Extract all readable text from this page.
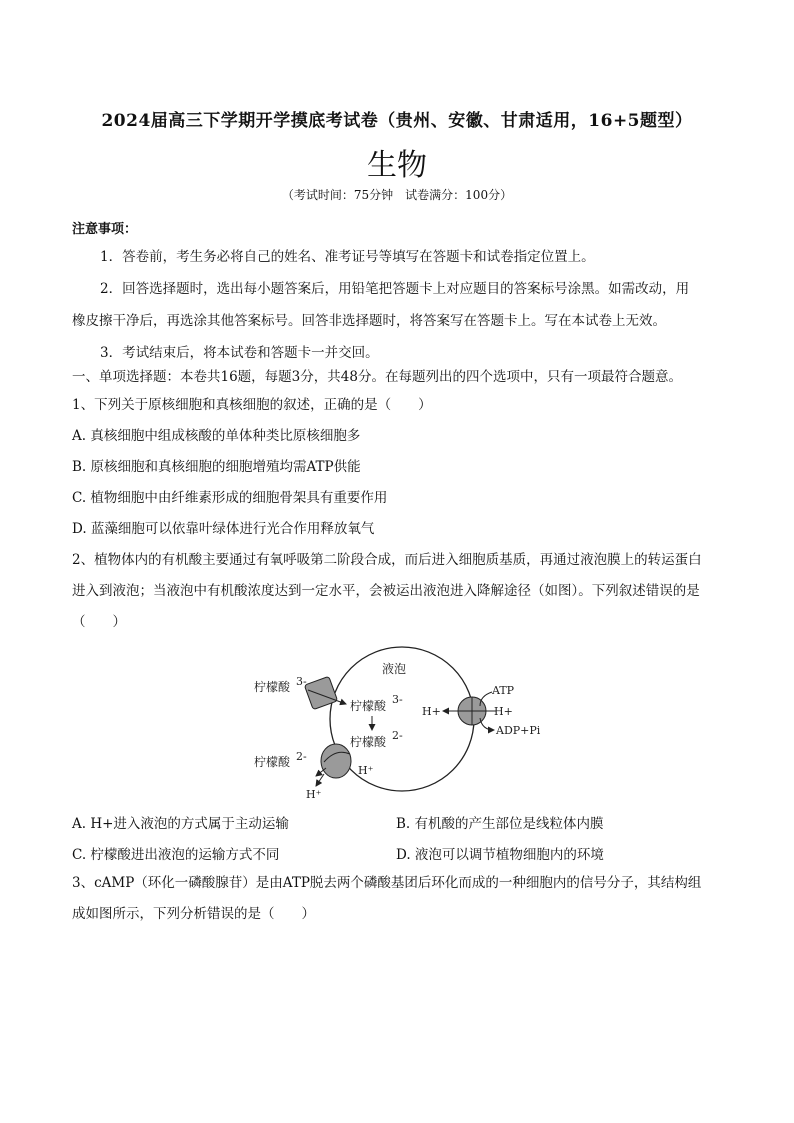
2024届高三下学期开学摸底考试卷（贵州、安徽、甘肃适用，16+5题型）
生物
（考试时间：75分钟　试卷满分：100分）
注意事项：
1．答卷前，考生务必将自己的姓名、准考证号等填写在答题卡和试卷指定位置上。
2．回答选择题时，选出每小题答案后，用铅笔把答题卡上对应题目的答案标号涂黑。如需改动，用
橡皮擦干净后，再选涂其他答案标号。回答非选择题时，将答案写在答题卡上。写在本试卷上无效。
3．考试结束后，将本试卷和答题卡一并交回。
一、单项选择题：本卷共16题，每题3分，共48分。在每题列出的四个选项中，只有一项最符合题意。
1、下列关于原核细胞和真核细胞的叙述，正确的是（　　）
A. 真核细胞中组成核酸的单体种类比原核细胞多
B. 原核细胞和真核细胞的细胞增殖均需ATP供能
C. 植物细胞中由纤维素形成的细胞骨架具有重要作用
D. 蓝藻细胞可以依靠叶绿体进行光合作用释放氧气
2、植物体内的有机酸主要通过有氧呼吸第二阶段合成，而后进入细胞质基质，再通过液泡膜上的转运蛋白
进入到液泡；当液泡中有机酸浓度达到一定水平，会被运出液泡进入降解途径（如图）。下列叙述错误的是
（　　）
液泡
柠檬酸 3-
柠檬酸 3-
柠檬酸 2-
柠檬酸 2-
H⁺
H⁺
H+	H+
ATP
ADP+Pi
A. H+进入液泡的方式属于主动运输	B. 有机酸的产生部位是线粒体内膜
C. 柠檬酸进出液泡的运输方式不同	D. 液泡可以调节植物细胞内的环境
3、cAMP（环化一磷酸腺苷）是由ATP脱去两个磷酸基团后环化而成的一种细胞内的信号分子，其结构组
成如图所示，下列分析错误的是（　　）
